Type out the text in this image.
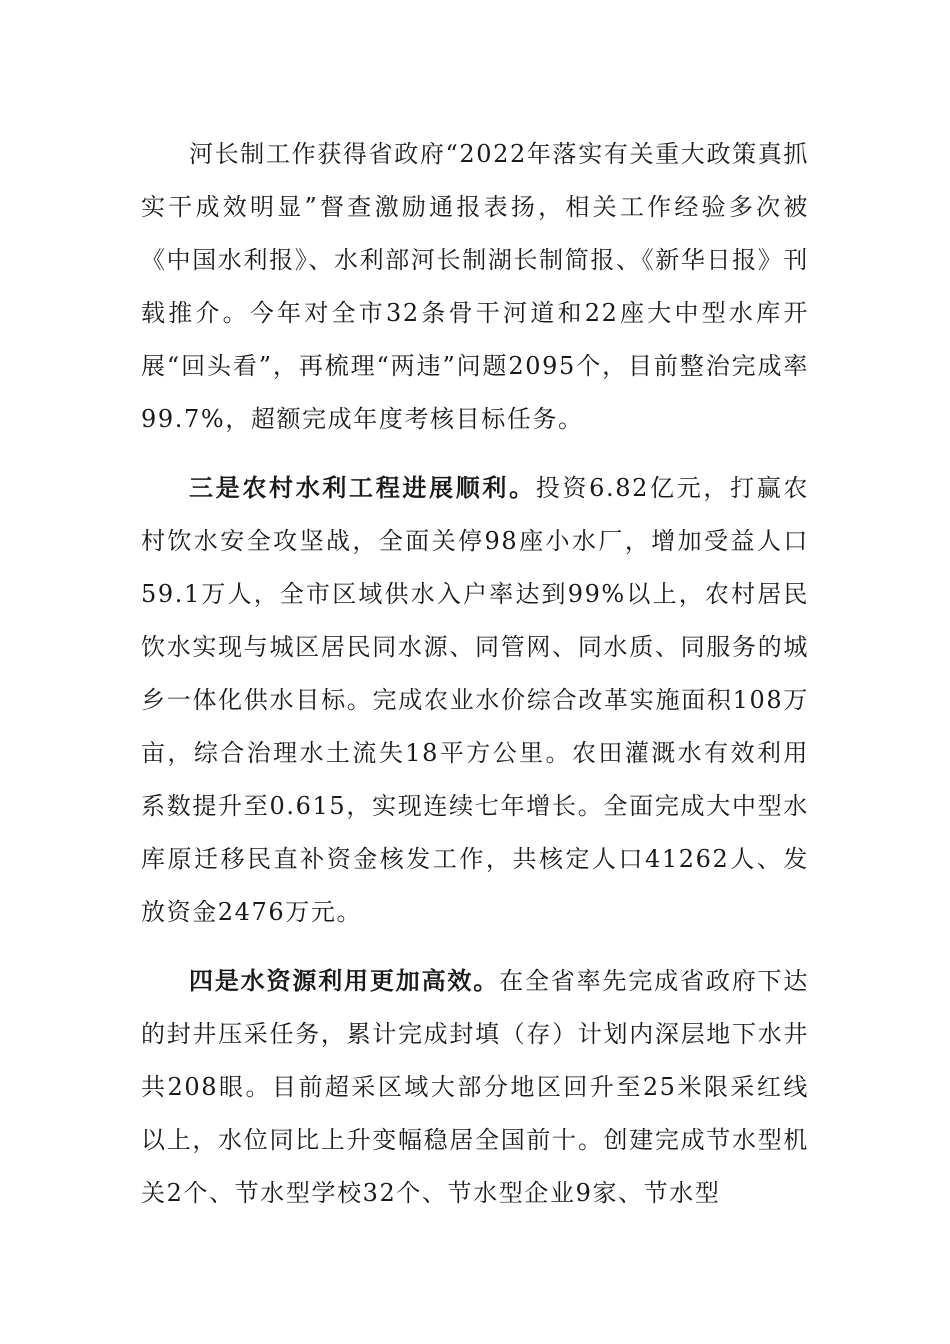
河长制工作获得省政府“2022年落实有关重大政策真抓实干成效明显”督查激励通报表扬，相关工作经验多次被《中国水利报》、水利部河长制湖长制简报、《新华日报》刊载推介。今年对全市32条骨干河道和22座大中型水库开展“回头看”，再梳理“两违”问题2095个，目前整治完成率99.7%，超额完成年度考核目标任务。

三是农村水利工程进展顺利。投资6.82亿元，打赢农村饮水安全攻坚战，全面关停98座小水厂，增加受益人口59.1万人，全市区域供水入户率达到99%以上，农村居民饮水实现与城区居民同水源、同管网、同水质、同服务的城乡一体化供水目标。完成农业水价综合改革实施面积108万亩，综合治理水土流失18平方公里。农田灌溉水有效利用系数提升至0.615，实现连续七年增长。全面完成大中型水库原迁移民直补资金核发工作，共核定人口41262人、发放资金2476万元。

四是水资源利用更加高效。在全省率先完成省政府下达的封井压采任务，累计完成封填（存）计划内深层地下水井共208眼。目前超采区域大部分地区回升至25米限采红线以上，水位同比上升变幅稳居全国前十。创建完成节水型机关2个、节水型学校32个、节水型企业9家、节水型
